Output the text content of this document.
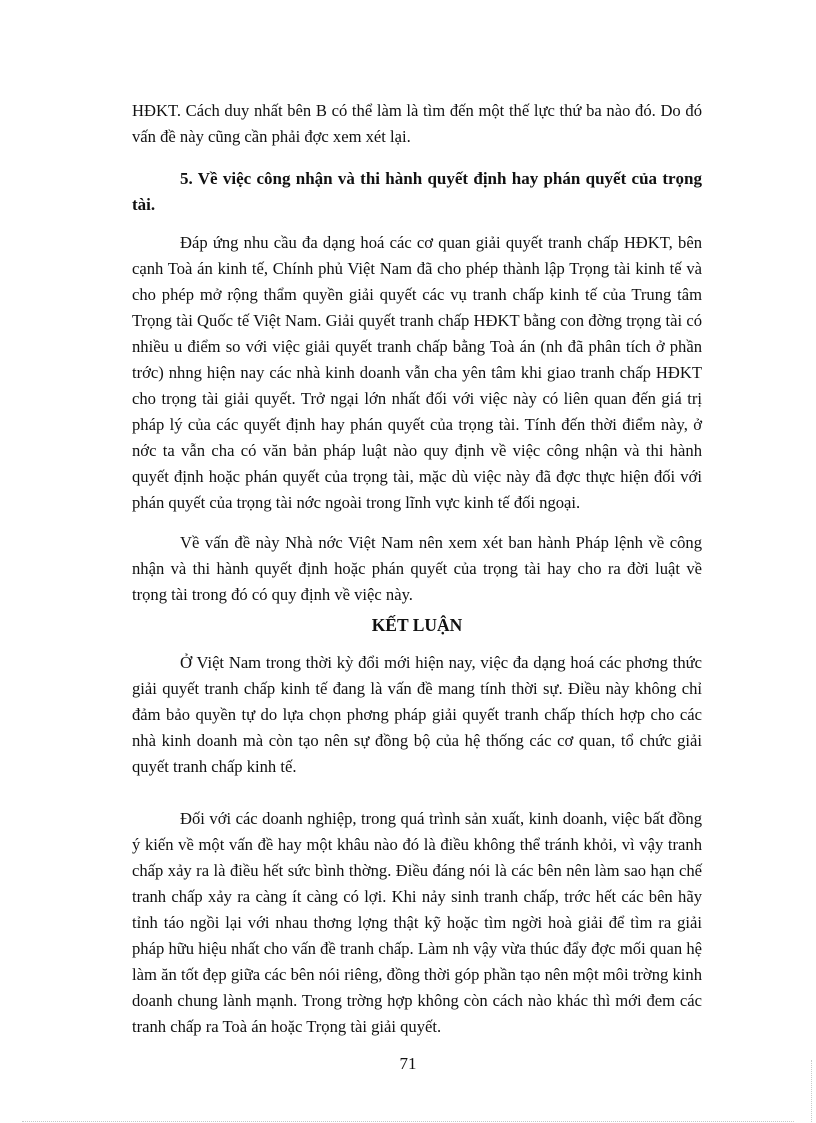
HĐKT. Cách duy nhất bên B có thể làm là tìm đến một thế lực thứ ba nào đó. Do đó vấn đề này cũng cần phải đợc xem xét lại.

5. Về việc công nhận và thi hành quyết định hay phán quyết của trọng tài.

Đáp ứng nhu cầu đa dạng hoá các cơ quan giải quyết tranh chấp HĐKT, bên cạnh Toà án kinh tế, Chính phủ Việt Nam đã cho phép thành lập Trọng tài kinh tế và cho phép mở rộng thẩm quyền giải quyết các vụ tranh chấp kinh tế của Trung tâm Trọng tài Quốc tế Việt Nam. Giải quyết tranh chấp HĐKT bằng con đờng trọng tài có nhiều u điểm so với việc giải quyết tranh chấp bằng Toà án (nh đã phân tích ở phần trớc) nhng hiện nay các nhà kinh doanh vẫn cha yên tâm khi giao tranh chấp HĐKT cho trọng tài giải quyết. Trở ngại lớn nhất đối với việc này có liên quan đến giá trị pháp lý của các quyết định hay phán quyết của trọng tài. Tính đến thời điểm này, ở nớc ta vẫn cha có văn bản pháp luật nào quy định về việc công nhận và thi hành quyết định hoặc phán quyết của trọng tài, mặc dù việc này đã đợc thực hiện đối với phán quyết của trọng tài nớc ngoài trong lĩnh vực kinh tế đối ngoại.

Về vấn đề này Nhà nớc Việt Nam nên xem xét ban hành Pháp lệnh về công nhận và thi hành quyết định hoặc phán quyết của trọng tài hay cho ra đời luật về trọng tài trong đó có quy định về việc này.

KẾT LUẬN

Ở Việt Nam trong thời kỳ đổi mới hiện nay, việc đa dạng hoá các phơng thức giải quyết tranh chấp kinh tế đang là vấn đề mang tính thời sự. Điều này không chỉ đảm bảo quyền tự do lựa chọn phơng pháp giải quyết tranh chấp thích hợp cho các nhà kinh doanh mà còn tạo nên sự đồng bộ của hệ thống các cơ quan, tổ chức giải quyết tranh chấp kinh tế.

Đối với các doanh nghiệp, trong quá trình sản xuất, kinh doanh, việc bất đồng ý kiến về một vấn đề hay một khâu nào đó là điều không thể tránh khỏi, vì vậy tranh chấp xảy ra là điều hết sức bình thờng. Điều đáng nói là các bên nên làm sao hạn chế tranh chấp xảy ra càng ít càng có lợi. Khi nảy sinh tranh chấp, trớc hết các bên hãy tỉnh táo ngồi lại với nhau thơng lợng thật kỹ hoặc tìm ngời hoà giải để tìm ra giải pháp hữu hiệu nhất cho vấn đề tranh chấp. Làm nh vậy vừa thúc đẩy đợc mối quan hệ làm ăn tốt đẹp giữa các bên nói riêng, đồng thời góp phần tạo nên một môi trờng kinh doanh chung lành mạnh. Trong trờng hợp không còn cách nào khác thì mới đem các tranh chấp ra Toà án hoặc Trọng tài giải quyết.

71
